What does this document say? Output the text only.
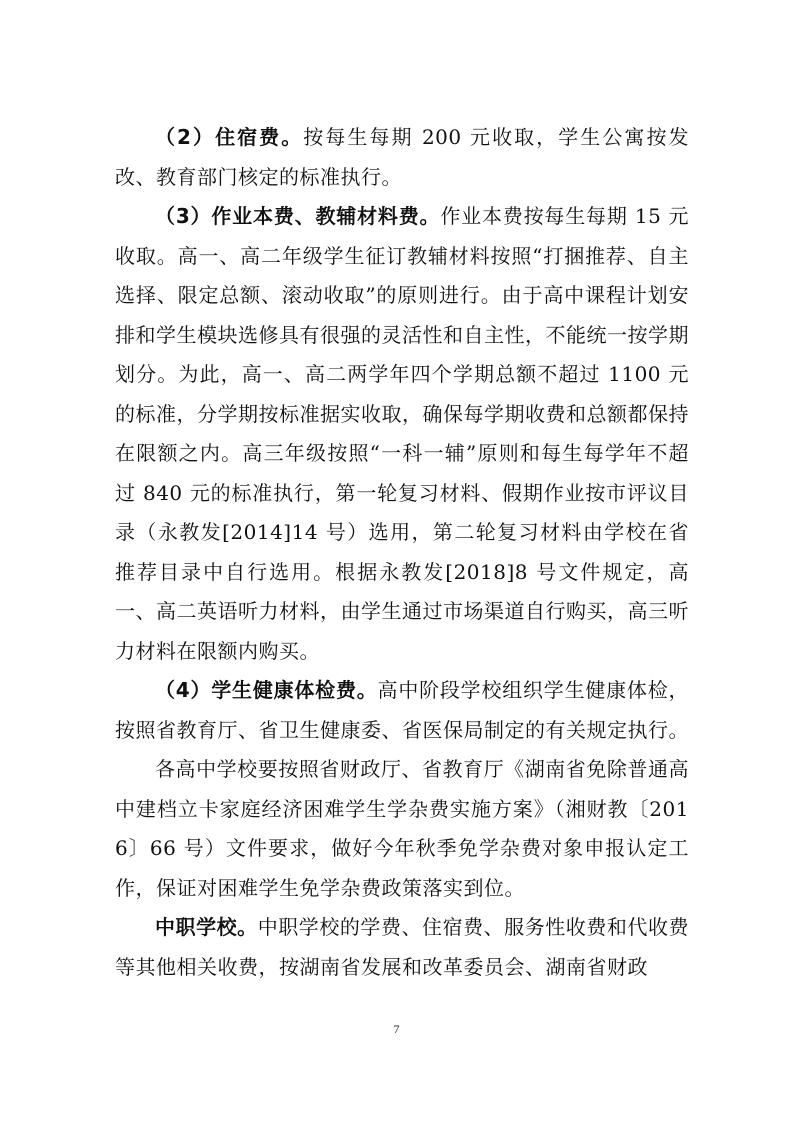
（2）住宿费。按每生每期 200 元收取，学生公寓按发改、教育部门核定的标准执行。

（3）作业本费、教辅材料费。作业本费按每生每期 15 元收取。高一、高二年级学生征订教辅材料按照“打捆推荐、自主选择、限定总额、滚动收取”的原则进行。由于高中课程计划安排和学生模块选修具有很强的灵活性和自主性，不能统一按学期划分。为此，高一、高二两学年四个学期总额不超过 1100 元的标准，分学期按标准据实收取，确保每学期收费和总额都保持在限额之内。高三年级按照“一科一辅”原则和每生每学年不超过 840 元的标准执行，第一轮复习材料、假期作业按市评议目录（永教发[2014]14 号）选用，第二轮复习材料由学校在省推荐目录中自行选用。根据永教发[2018]8 号文件规定，高一、高二英语听力材料，由学生通过市场渠道自行购买，高三听力材料在限额内购买。

（4）学生健康体检费。高中阶段学校组织学生健康体检，按照省教育厅、省卫生健康委、省医保局制定的有关规定执行。

各高中学校要按照省财政厅、省教育厅《湖南省免除普通高中建档立卡家庭经济困难学生学杂费实施方案》（湘财教〔2016〕66 号）文件要求，做好今年秋季免学杂费对象申报认定工作，保证对困难学生免学杂费政策落实到位。

中职学校。中职学校的学费、住宿费、服务性收费和代收费等其他相关收费，按湖南省发展和改革委员会、湖南省财政

7
